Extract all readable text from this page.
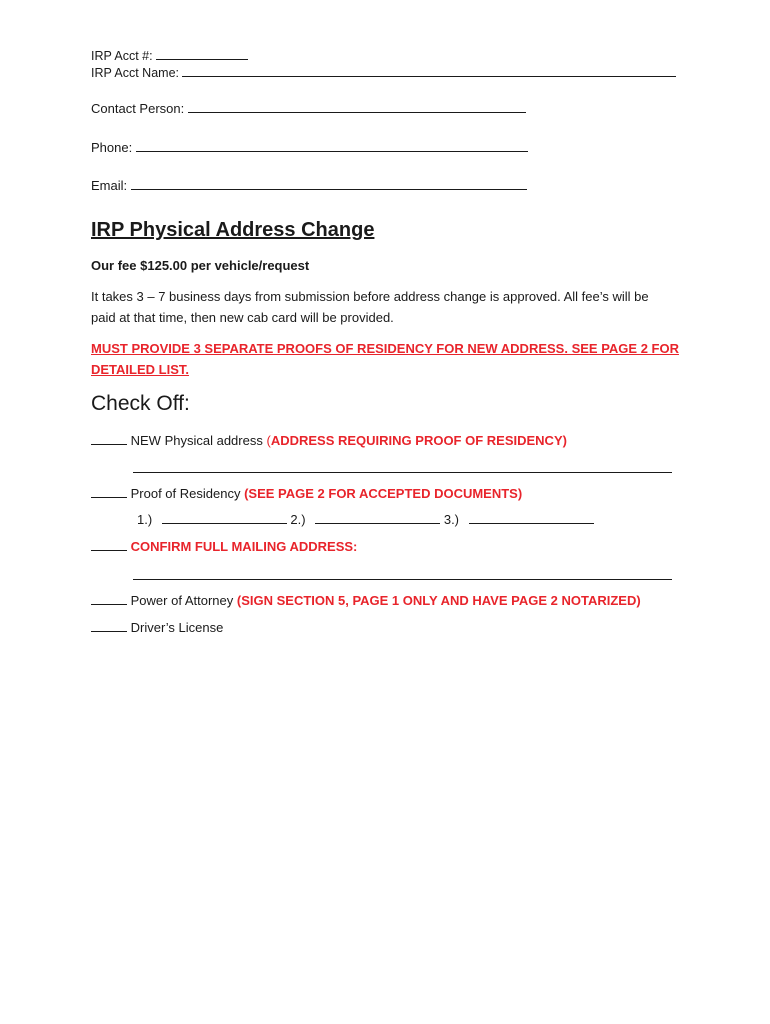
IRP Acct #:
IRP Acct Name:
Contact Person:
Phone:
Email:
IRP Physical Address Change
Our fee $125.00 per vehicle/request
It takes 3 – 7 business days from submission before address change is approved. All fee’s will be
paid at that time, then new cab card will be provided.
MUST PROVIDE 3 SEPARATE PROOFS OF RESIDENCY FOR NEW ADDRESS. SEE PAGE 2 FOR
DETAILED LIST.
Check Off:
NEW Physical address (ADDRESS REQUIRING PROOF OF RESIDENCY)
Proof of Residency (SEE PAGE 2 FOR ACCEPTED DOCUMENTS)
1.)	2.)	3.)
CONFIRM FULL MAILING ADDRESS:
Power of Attorney (SIGN SECTION 5, PAGE 1 ONLY AND HAVE PAGE 2 NOTARIZED)
Driver’s License
